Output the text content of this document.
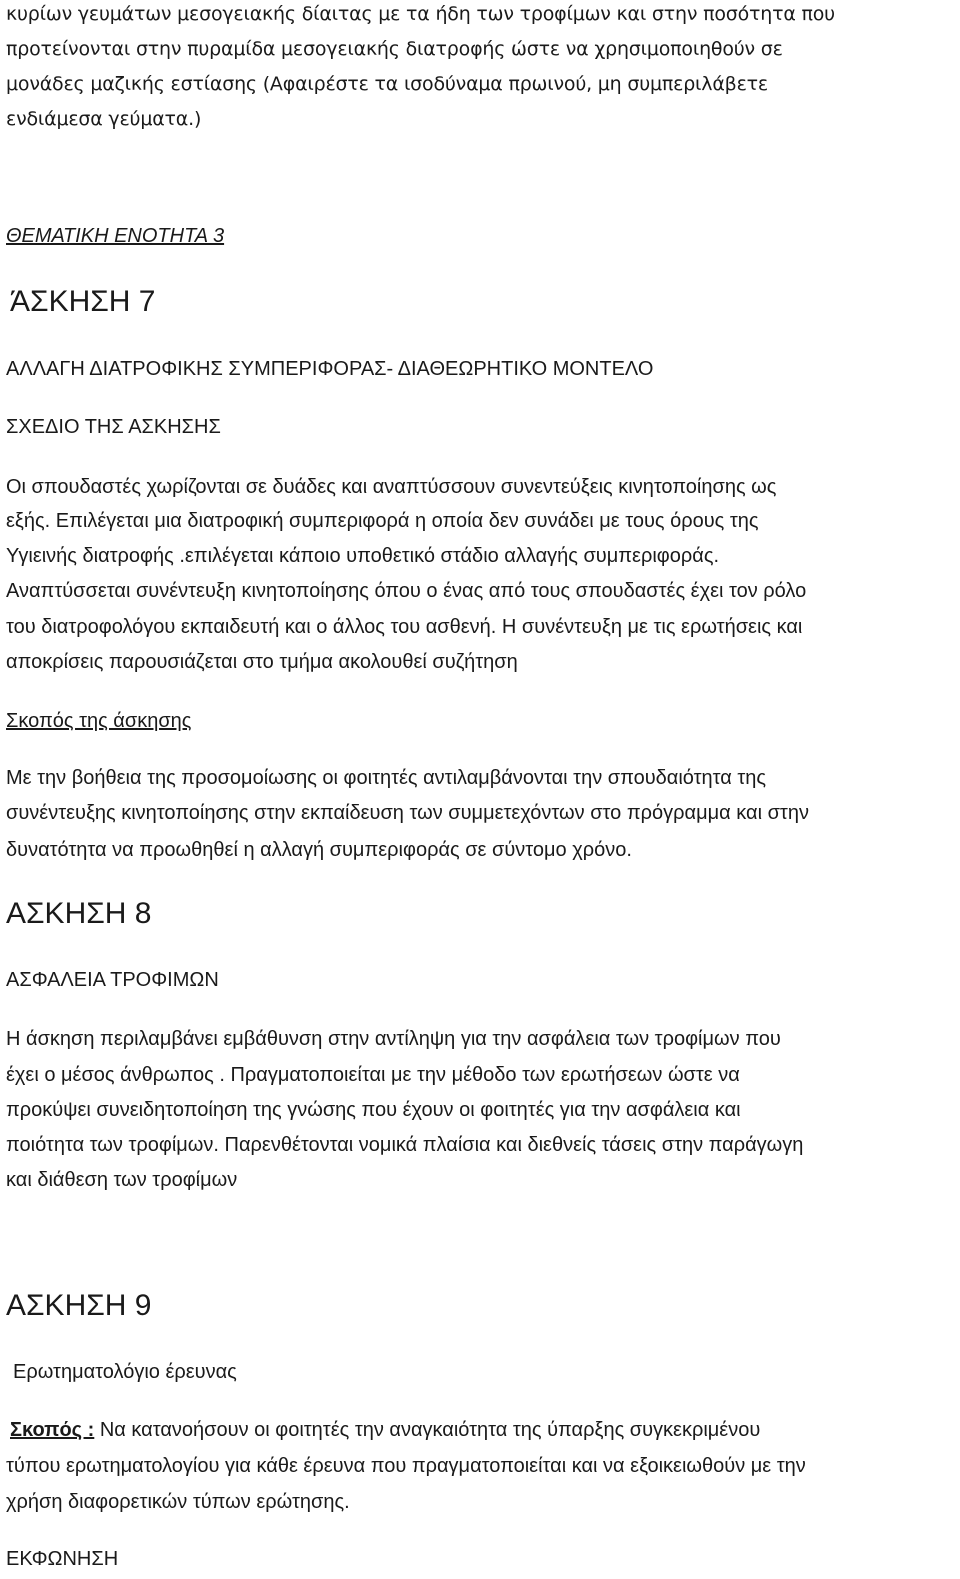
κυρίων γευμάτων μεσογειακής δίαιτας με τα ήδη των τροφίμων και στην ποσότητα που
προτείνονται στην πυραμίδα μεσογειακής διατροφής ώστε να χρησιμοποιηθούν σε
μονάδες μαζικής εστίασης (Αφαιρέστε τα ισοδύναμα πρωινού, μη συμπεριλάβετε
ενδιάμεσα γεύματα.)
ΘΕΜΑΤΙΚΗ ΕΝΟΤΗΤΑ 3
ΆΣΚΗΣΗ 7
ΑΛΛΑΓΗ ΔΙΑΤΡΟΦΙΚΗΣ ΣΥΜΠΕΡΙΦΟΡΑΣ- ΔΙΑΘΕΩΡΗΤΙΚΟ ΜΟΝΤΕΛΟ
ΣΧΕΔΙΟ ΤΗΣ ΑΣΚΗΣΗΣ
Οι σπουδαστές χωρίζονται σε δυάδες και αναπτύσσουν συνεντεύξεις κινητοποίησης ως
εξής. Επιλέγεται μια διατροφική συμπεριφορά η οποία δεν συνάδει με τους όρους της
Υγιεινής διατροφής .επιλέγεται κάποιο υποθετικό στάδιο αλλαγής συμπεριφοράς.
Αναπτύσσεται συνέντευξη κινητοποίησης όπου ο ένας από τους σπουδαστές έχει τον ρόλο
του διατροφολόγου εκπαιδευτή και ο άλλος του ασθενή. Η συνέντευξη με τις ερωτήσεις και
αποκρίσεις παρουσιάζεται στο τμήμα ακολουθεί συζήτηση
Σκοπός της άσκησης
Με την βοήθεια της προσομοίωσης οι φοιτητές αντιλαμβάνονται την σπουδαιότητα της
συνέντευξης κινητοποίησης στην εκπαίδευση των συμμετεχόντων στο πρόγραμμα και στην
δυνατότητα να προωθηθεί η αλλαγή συμπεριφοράς σε σύντομο χρόνο.
ΑΣΚΗΣΗ 8
ΑΣΦΑΛΕΙΑ ΤΡΟΦΙΜΩΝ
Η άσκηση περιλαμβάνει εμβάθυνση στην αντίληψη για την ασφάλεια των τροφίμων που
έχει ο μέσος άνθρωπος . Πραγματοποιείται με την μέθοδο των ερωτήσεων ώστε να
προκύψει συνειδητοποίηση της γνώσης που έχουν οι φοιτητές για την ασφάλεια και
ποιότητα των τροφίμων. Παρενθέτονται νομικά πλαίσια και διεθνείς τάσεις στην παράγωγη
και διάθεση των τροφίμων
ΑΣΚΗΣΗ 9
Ερωτηματολόγιο έρευνας
Σκοπός : Να κατανοήσουν οι φοιτητές την αναγκαιότητα της ύπαρξης συγκεκριμένου
τύπου ερωτηματολογίου για κάθε έρευνα που πραγματοποιείται και να εξοικειωθούν με την
χρήση διαφορετικών τύπων ερώτησης.
ΕΚΦΩΝΗΣΗ
